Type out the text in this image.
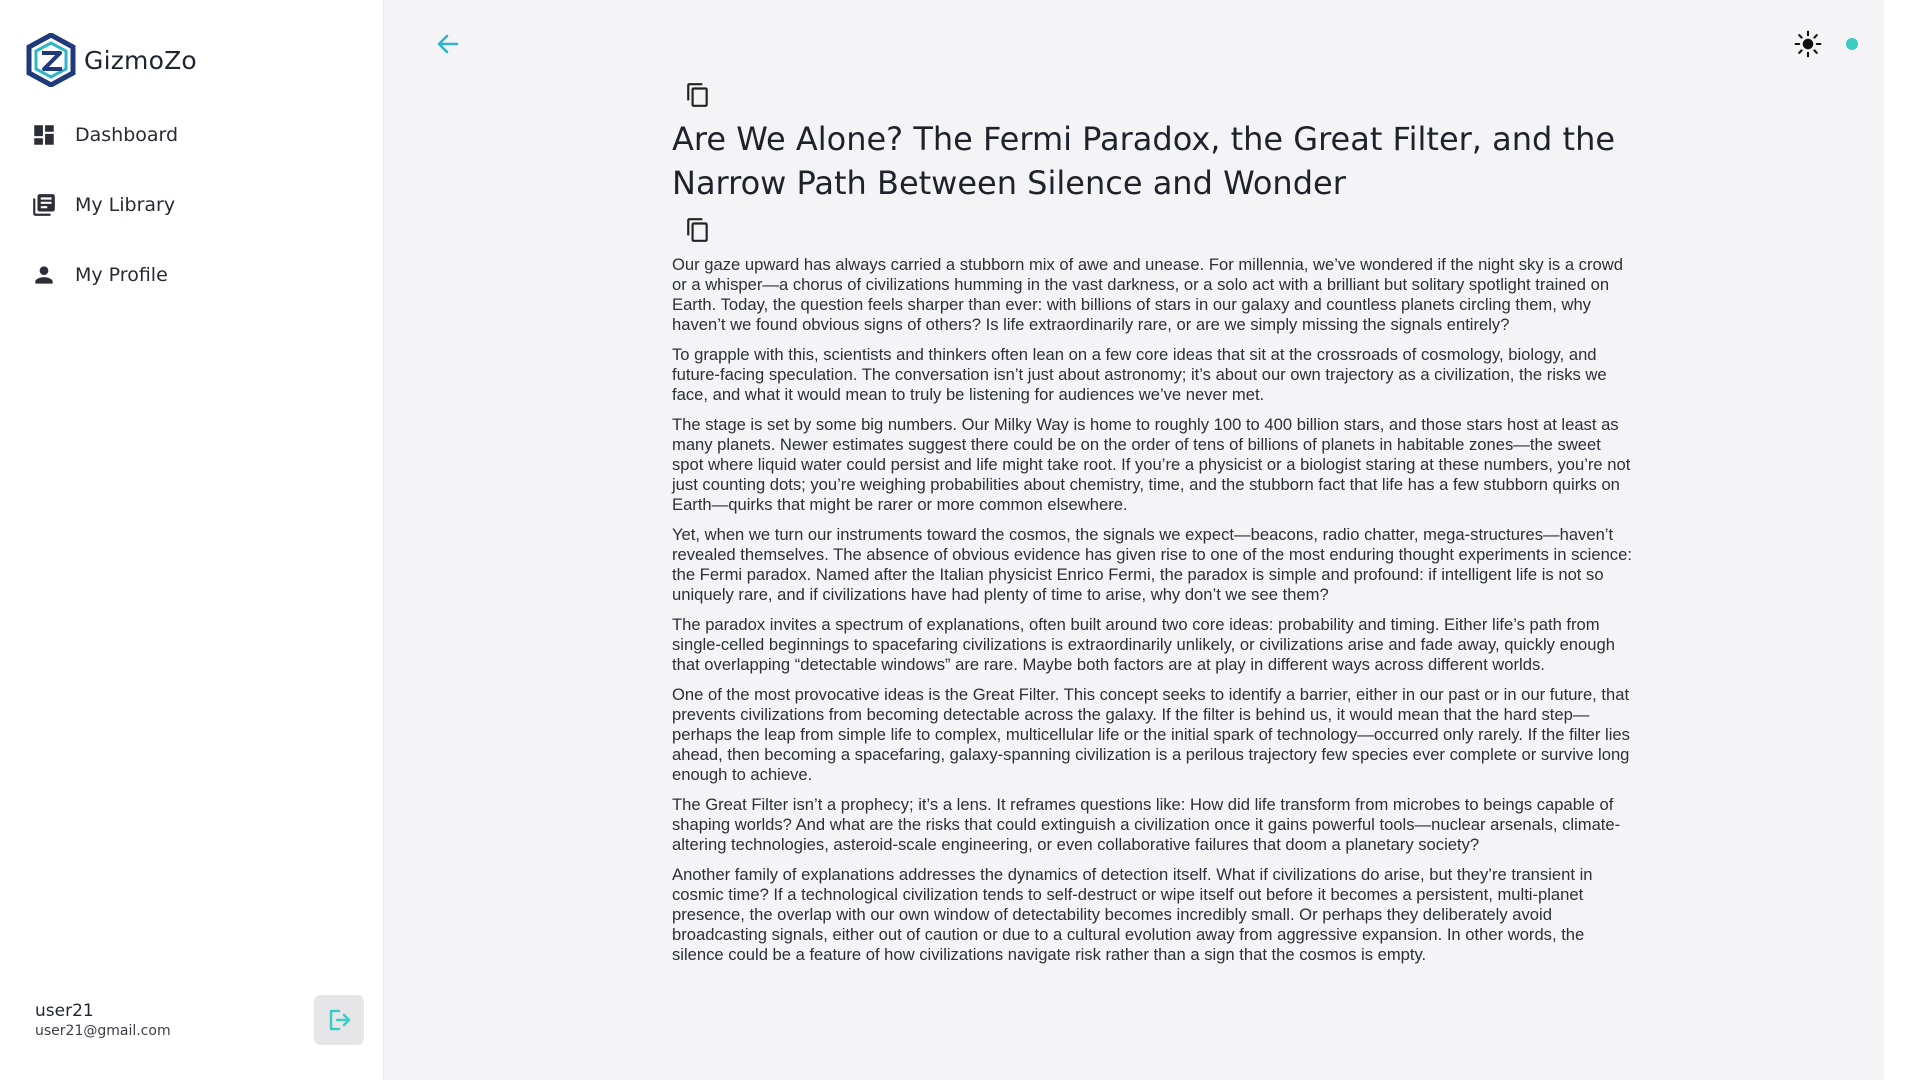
GizmoZo
Dashboard
My Library
My Profile
user21
user21@gmail.com
Are We Alone? The Fermi Paradox, the Great Filter, and the Narrow Path Between Silence and Wonder

Our gaze upward has always carried a stubborn mix of awe and unease. For millennia, we’ve wondered if the night sky is a crowd or a whisper—a chorus of civilizations humming in the vast darkness, or a solo act with a brilliant but solitary spotlight trained on Earth. Today, the question feels sharper than ever: with billions of stars in our galaxy and countless planets circling them, why haven’t we found obvious signs of others? Is life extraordinarily rare, or are we simply missing the signals entirely?

To grapple with this, scientists and thinkers often lean on a few core ideas that sit at the crossroads of cosmology, biology, and future-facing speculation. The conversation isn’t just about astronomy; it’s about our own trajectory as a civilization, the risks we face, and what it would mean to truly be listening for audiences we’ve never met.

The stage is set by some big numbers. Our Milky Way is home to roughly 100 to 400 billion stars, and those stars host at least as many planets. Newer estimates suggest there could be on the order of tens of billions of planets in habitable zones—the sweet spot where liquid water could persist and life might take root. If you’re a physicist or a biologist staring at these numbers, you’re not just counting dots; you’re weighing probabilities about chemistry, time, and the stubborn fact that life has a few stubborn quirks on Earth—quirks that might be rarer or more common elsewhere.

Yet, when we turn our instruments toward the cosmos, the signals we expect—beacons, radio chatter, mega-structures—haven’t revealed themselves. The absence of obvious evidence has given rise to one of the most enduring thought experiments in science: the Fermi paradox. Named after the Italian physicist Enrico Fermi, the paradox is simple and profound: if intelligent life is not so uniquely rare, and if civilizations have had plenty of time to arise, why don’t we see them?

The paradox invites a spectrum of explanations, often built around two core ideas: probability and timing. Either life’s path from single-celled beginnings to spacefaring civilizations is extraordinarily unlikely, or civilizations arise and fade away, quickly enough that overlapping “detectable windows” are rare. Maybe both factors are at play in different ways across different worlds.

One of the most provocative ideas is the Great Filter. This concept seeks to identify a barrier, either in our past or in our future, that prevents civilizations from becoming detectable across the galaxy. If the filter is behind us, it would mean that the hard step—perhaps the leap from simple life to complex, multicellular life or the initial spark of technology—occurred only rarely. If the filter lies ahead, then becoming a spacefaring, galaxy-spanning civilization is a perilous trajectory few species ever complete or survive long enough to achieve.

The Great Filter isn’t a prophecy; it’s a lens. It reframes questions like: How did life transform from microbes to beings capable of shaping worlds? And what are the risks that could extinguish a civilization once it gains powerful tools—nuclear arsenals, climate-altering technologies, asteroid-scale engineering, or even collaborative failures that doom a planetary society?

Another family of explanations addresses the dynamics of detection itself. What if civilizations do arise, but they’re transient in cosmic time? If a technological civilization tends to self-destruct or wipe itself out before it becomes a persistent, multi-planet presence, the overlap with our own window of detectability becomes incredibly small. Or perhaps they deliberately avoid broadcasting signals, either out of caution or due to a cultural evolution away from aggressive expansion. In other words, the silence could be a feature of how civilizations navigate risk rather than a sign that the cosmos is empty.
